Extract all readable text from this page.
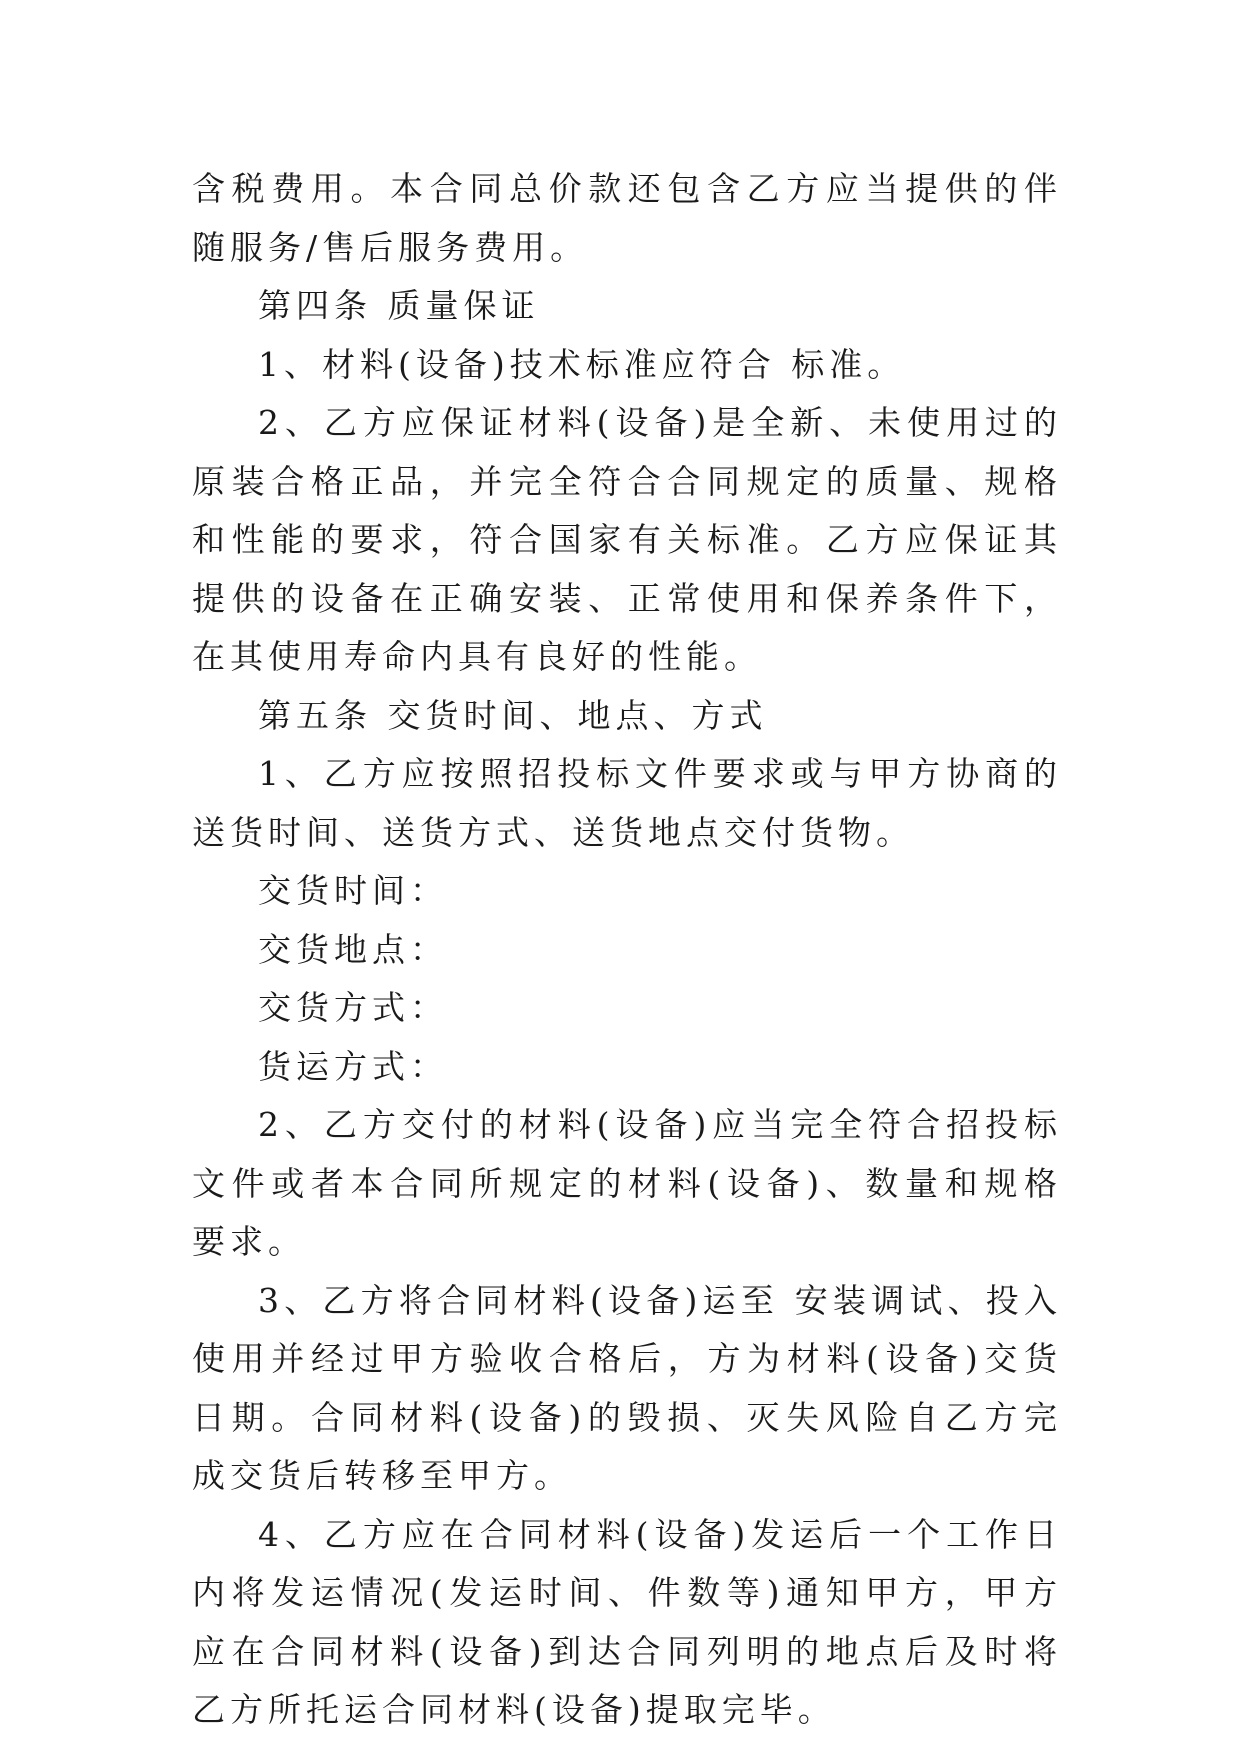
含税费用。本合同总价款还包含乙方应当提供的伴随服务/售后服务费用。

第四条 质量保证

1、材料(设备)技术标准应符合 标准。

2、乙方应保证材料(设备)是全新、未使用过的原装合格正品，并完全符合合同规定的质量、规格和性能的要求，符合国家有关标准。乙方应保证其提供的设备在正确安装、正常使用和保养条件下，在其使用寿命内具有良好的性能。

第五条 交货时间、地点、方式

1、乙方应按照招投标文件要求或与甲方协商的送货时间、送货方式、送货地点交付货物。

交货时间：

交货地点：

交货方式：

货运方式：

2、乙方交付的材料(设备)应当完全符合招投标文件或者本合同所规定的材料(设备)、数量和规格要求。

3、乙方将合同材料(设备)运至 安装调试、投入使用并经过甲方验收合格后，方为材料(设备)交货日期。合同材料(设备)的毁损、灭失风险自乙方完成交货后转移至甲方。

4、乙方应在合同材料(设备)发运后一个工作日内将发运情况(发运时间、件数等)通知甲方，甲方应在合同材料(设备)到达合同列明的地点后及时将乙方所托运合同材料(设备)提取完毕。
